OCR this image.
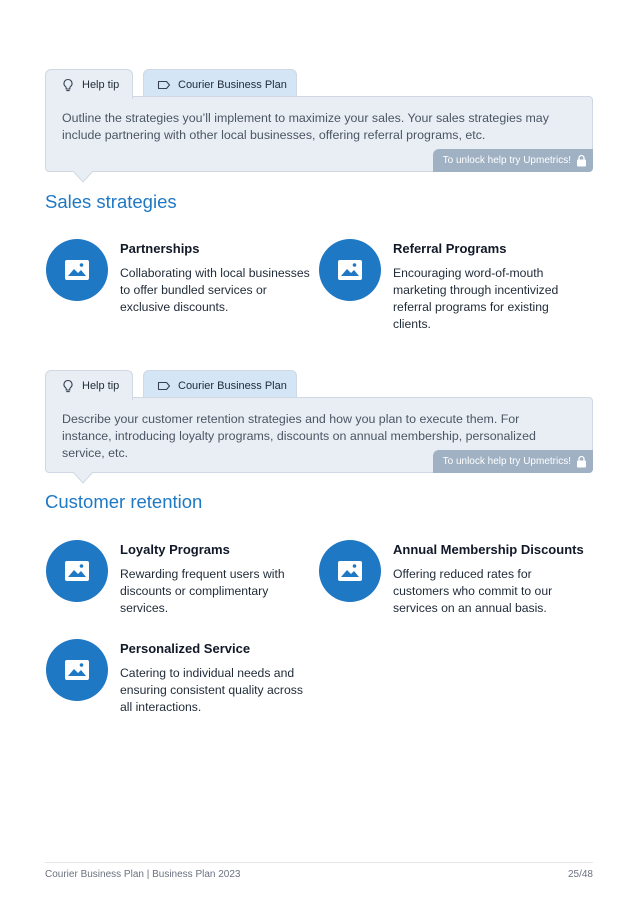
Help tip	Courier Business Plan
Outline the strategies you’ll implement to maximize your sales. Your sales strategies may include partnering with other local businesses, offering referral programs, etc.
To unlock help try Upmetrics!
Sales strategies
Partnerships
Collaborating with local businesses to offer bundled services or exclusive discounts.
Referral Programs
Encouraging word-of-mouth marketing through incentivized referral programs for existing clients.
Help tip	Courier Business Plan
Describe your customer retention strategies and how you plan to execute them. For instance, introducing loyalty programs, discounts on annual membership, personalized service, etc.
To unlock help try Upmetrics!
Customer retention
Loyalty Programs
Rewarding frequent users with discounts or complimentary services.
Annual Membership Discounts
Offering reduced rates for customers who commit to our services on an annual basis.
Personalized Service
Catering to individual needs and ensuring consistent quality across all interactions.
Courier Business Plan | Business Plan 2023	25/48
